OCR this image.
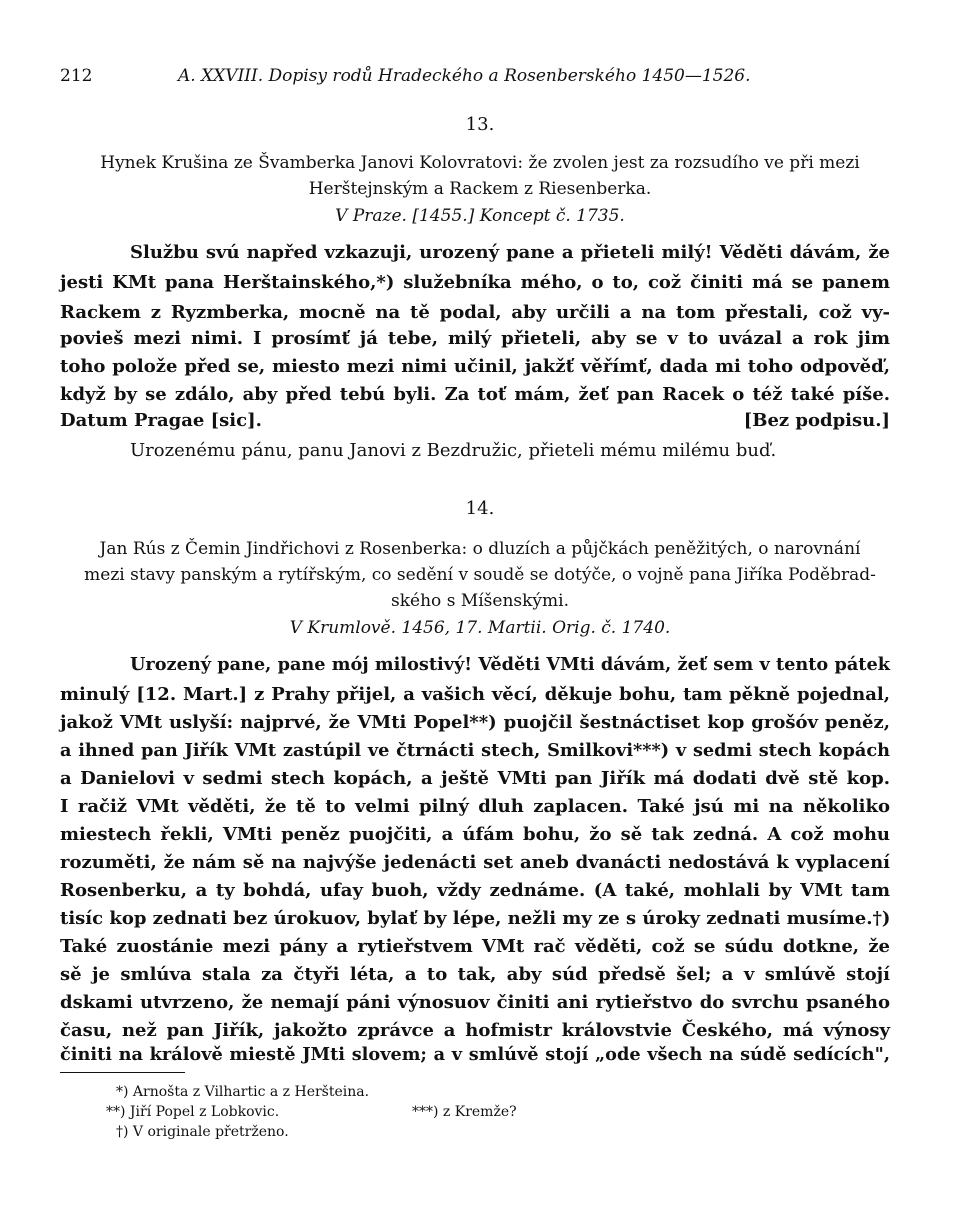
212	A. XXVIII. Dopisy rodů Hradeckého a Rosenberského 1450—1526.
13.
Hynek Krušina ze Švamberka Janovi Kolovratovi: že zvolen jest za rozsudího ve při mezi
Herštejnským a Rackem z Riesenberka.
V Praze. [1455.] Koncept č. 1735.
Službu svú napřed vzkazuji, urozený pane a přieteli milý! Věděti dávám, že
jesti KMt pana Herštainského,*) služebníka mého, o to, což činiti má se panem
Rackem z Ryzmberka, mocně na tě podal, aby určili a na tom přestali, což vy-
povieš mezi nimi. I prosímť já tebe, milý přieteli, aby se v to uvázal a rok jim
toho polože před se, miesto mezi nimi učinil, jakžť věřímť, dada mi toho odpověď,
když by se zdálo, aby před tebú byli. Za toť mám, žeť pan Racek o též také píše.
Datum Pragae [sic].	[Bez podpisu.]
Urozenému pánu, panu Janovi z Bezdružic, přieteli mému milému buď.
14.
Jan Rús z Čemin Jindřichovi z Rosenberka: o dluzích a půjčkách peněžitých, o narovnání
mezi stavy panským a rytířským, co sedění v soudě se dotýče, o vojně pana Jiříka Poděbrad-
ského s Míšenskými.
V Krumlově. 1456, 17. Martii. Orig. č. 1740.
Urozený pane, pane mój milostivý! Věděti VMti dávám, žeť sem v tento pátek
minulý [12. Mart.] z Prahy přijel, a vašich věcí, děkuje bohu, tam pěkně pojednal,
jakož VMt uslyší: najprvé, že VMti Popel**) puojčil šestnáctiset kop grošóv peněz,
a ihned pan Jiřík VMt zastúpil ve čtrnácti stech, Smilkovi***) v sedmi stech kopách
a Danielovi v sedmi stech kopách, a ještě VMti pan Jiřík má dodati dvě stě kop.
I račiž VMt věděti, že tě to velmi pilný dluh zaplacen. Také jsú mi na několiko
miestech řekli, VMti peněz puojčiti, a úfám bohu, žo sě tak zedná. A což mohu
rozuměti, že nám sě na najvýše jedenácti set aneb dvanácti nedostává k vyplacení
Rosenberku, a ty bohdá, ufay buoh, vždy zednáme. (A také, mohlali by VMt tam
tisíc kop zednati bez úrokuov, bylať by lépe, nežli my ze s úroky zednati musíme.†)
Také zuostánie mezi pány a rytieřstvem VMt rač věděti, což se súdu dotkne, že
sě je smlúva stala za čtyři léta, a to tak, aby súd předsě šel; a v smlúvě stojí
dskami utvrzeno, že nemají páni výnosuov činiti ani rytieřstvo do svrchu psaného
času, než pan Jiřík, jakožto zprávce a hofmistr královstvie Českého, má výnosy
činiti na králově miestě JMti slovem; a v smlúvě stojí „ode všech na súdě sedících",
*) Arnošta z Vilhartic a z Heršteina.
**) Jiří Popel z Lobkovic.	***) z Kremže?
†) V originale přetrženo.
